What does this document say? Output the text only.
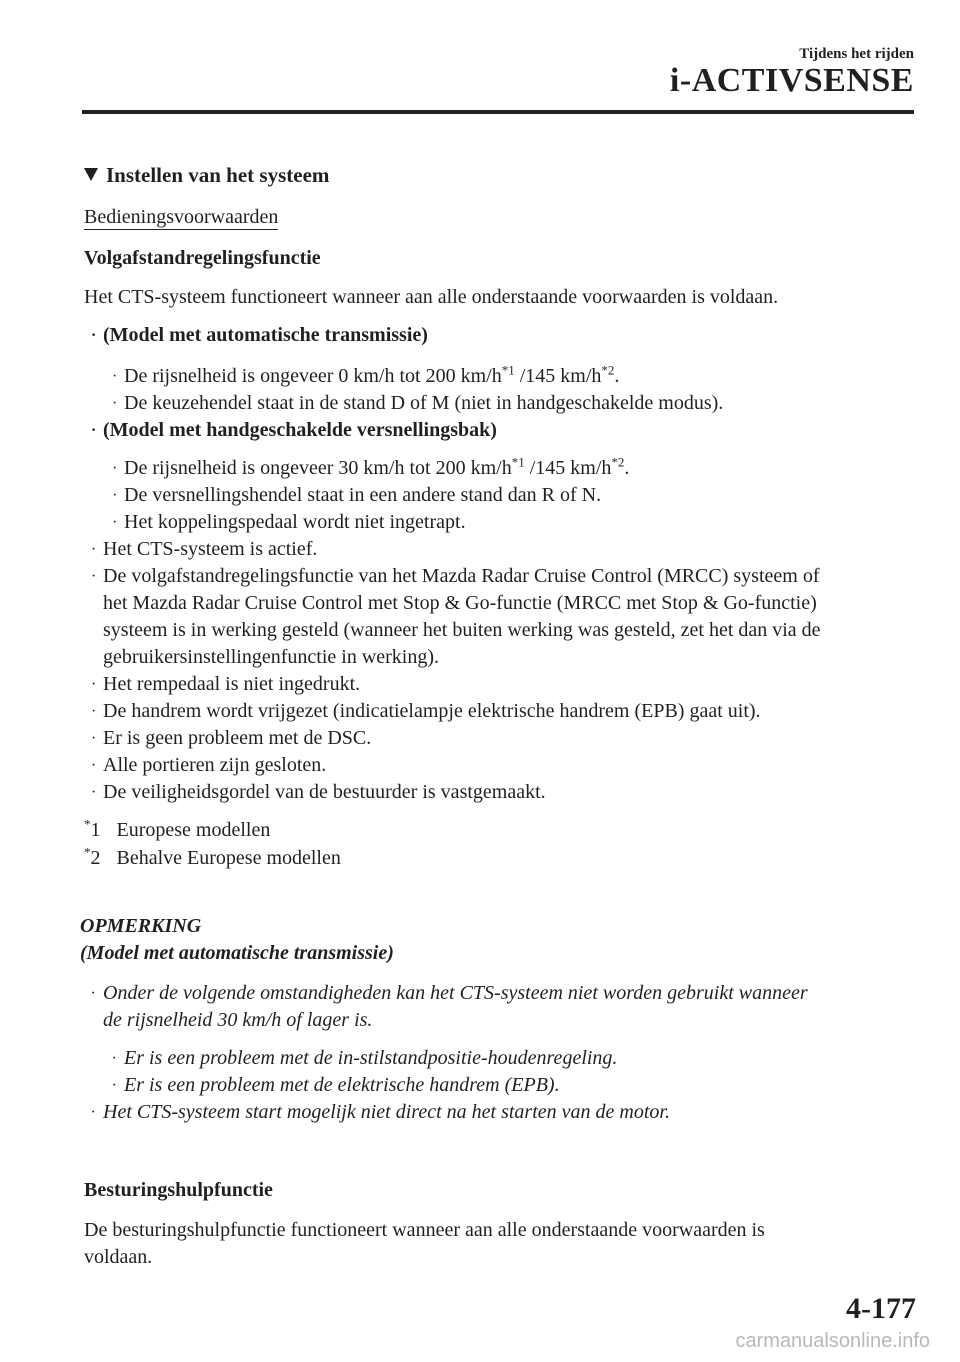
Tijdens het rijden
i-ACTIVSENSE
Instellen van het systeem
Bedieningsvoorwaarden
Volgafstandregelingsfunctie
Het CTS-systeem functioneert wanneer aan alle onderstaande voorwaarden is voldaan.
· (Model met automatische transmissie)
· De rijsnelheid is ongeveer 0 km/h tot 200 $km/h^{*1}$ /145 $km/h^{*2}$.
· De keuzehendel staat in de stand D of M (niet in handgeschakelde modus).
· (Model met handgeschakelde versnellingsbak)
· De rijsnelheid is ongeveer 30 km/h tot 200 $km/h^{*1}$ /145 $km/h^{*2}$.
· De versnellingshendel staat in een andere stand dan R of N.
· Het koppelingspedaal wordt niet ingetrapt.
· Het CTS-systeem is actief.
· De volgafstandregelingsfunctie van het Mazda Radar Cruise Control (MRCC) systeem of
het Mazda Radar Cruise Control met Stop & Go-functie (MRCC met Stop & Go-functie)
systeem is in werking gesteld (wanneer het buiten werking was gesteld, zet het dan via de
gebruikersinstellingenfunctie in werking).
· Het rempedaal is niet ingedrukt.
· De handrem wordt vrijgezet (indicatielampje elektrische handrem (EPB) gaat uit).
· Er is geen probleem met de DSC.
· Alle portieren zijn gesloten.
· De veiligheidsgordel van de bestuurder is vastgemaakt.
*1 Europese modellen
*2 Behalve Europese modellen
OPMERKING
(Model met automatische transmissie)
· Onder de volgende omstandigheden kan het CTS-systeem niet worden gebruikt wanneer
de rijsnelheid 30 km/h of lager is.
· Er is een probleem met de in-stilstandpositie-houdenregeling.
· Er is een probleem met de elektrische handrem (EPB).
· Het CTS-systeem start mogelijk niet direct na het starten van de motor.
Besturingshulpfunctie
De besturingshulpfunctie functioneert wanneer aan alle onderstaande voorwaarden is
voldaan.
4-177
carmanualsonline.info
